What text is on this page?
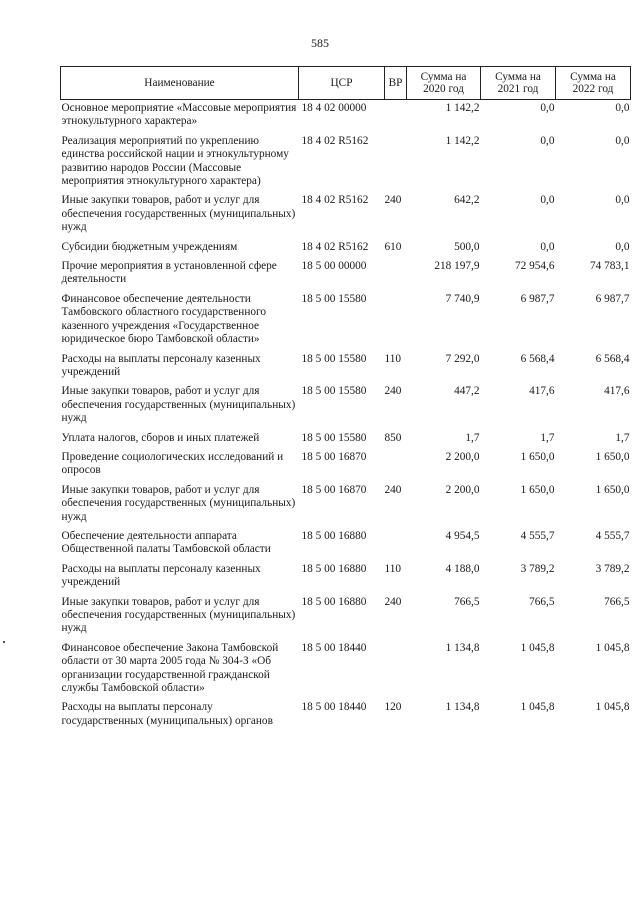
585
Наименование	ЦСР	ВР	Сумма на 2020 год	Сумма на 2021 год	Сумма на 2022 год
Основное мероприятие «Массовые мероприятия этнокультурного характера»	18 4 02 00000		1 142,2	0,0	0,0
Реализация мероприятий по укреплению единства российской нации и этнокультурному развитию народов России (Массовые мероприятия этнокультурного характера)	18 4 02 R5162		1 142,2	0,0	0,0
Иные закупки товаров, работ и услуг для обеспечения государственных (муниципальных) нужд	18 4 02 R5162	240	642,2	0,0	0,0
Субсидии бюджетным учреждениям	18 4 02 R5162	610	500,0	0,0	0,0
Прочие мероприятия в установленной сфере деятельности	18 5 00 00000		218 197,9	72 954,6	74 783,1
Финансовое обеспечение деятельности Тамбовского областного государственного казенного учреждения «Государственное юридическое бюро Тамбовской области»	18 5 00 15580		7 740,9	6 987,7	6 987,7
Расходы на выплаты персоналу казенных учреждений	18 5 00 15580	110	7 292,0	6 568,4	6 568,4
Иные закупки товаров, работ и услуг для обеспечения государственных (муниципальных) нужд	18 5 00 15580	240	447,2	417,6	417,6
Уплата налогов, сборов и иных платежей	18 5 00 15580	850	1,7	1,7	1,7
Проведение социологических исследований и опросов	18 5 00 16870		2 200,0	1 650,0	1 650,0
Иные закупки товаров, работ и услуг для обеспечения государственных (муниципальных) нужд	18 5 00 16870	240	2 200,0	1 650,0	1 650,0
Обеспечение деятельности аппарата Общественной палаты Тамбовской области	18 5 00 16880		4 954,5	4 555,7	4 555,7
Расходы на выплаты персоналу казенных учреждений	18 5 00 16880	110	4 188,0	3 789,2	3 789,2
Иные закупки товаров, работ и услуг для обеспечения государственных (муниципальных) нужд	18 5 00 16880	240	766,5	766,5	766,5
Финансовое обеспечение Закона Тамбовской области от 30 марта 2005 года № 304-З «Об организации государственной гражданской службы Тамбовской области»	18 5 00 18440		1 134,8	1 045,8	1 045,8
Расходы на выплаты персоналу государственных (муниципальных) органов	18 5 00 18440	120	1 134,8	1 045,8	1 045,8
